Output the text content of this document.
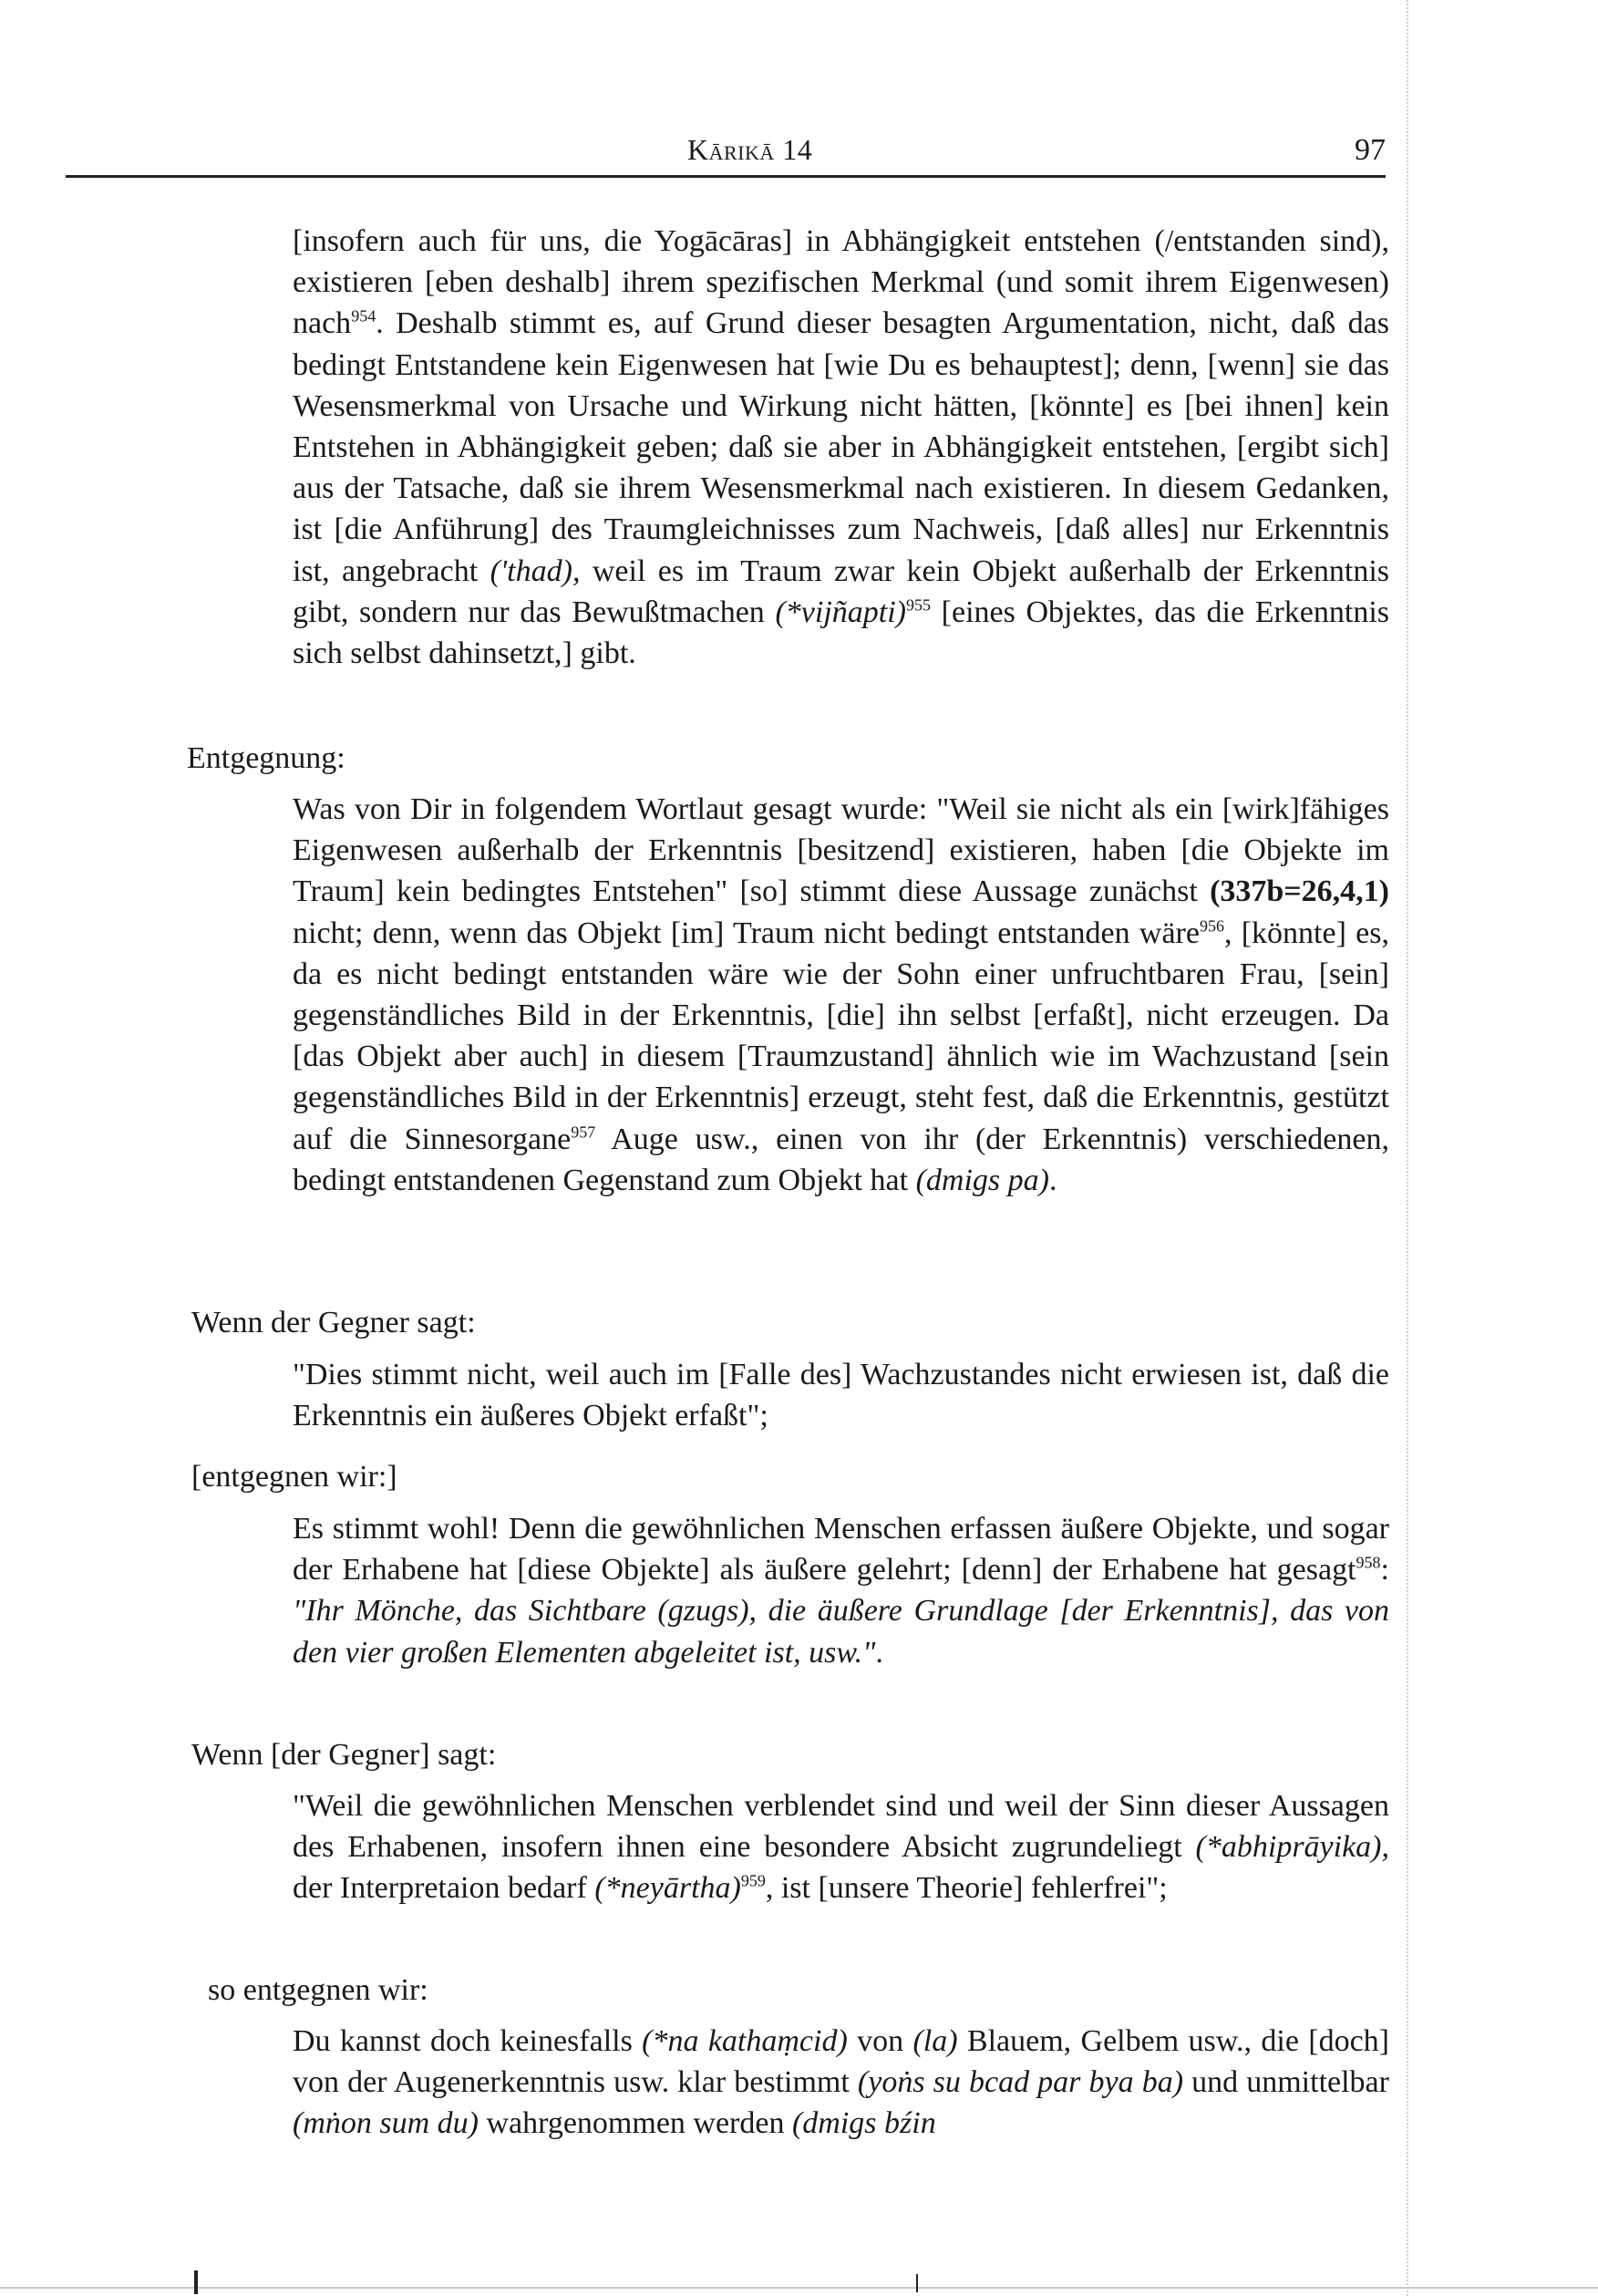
Kārikā 14	97
[insofern auch für uns, die Yogācāras] in Abhängigkeit entstehen (/entstanden sind), existieren [eben deshalb] ihrem spezifischen Merkmal (und somit ihrem Eigenwesen) nach$^{954}$. Deshalb stimmt es, auf Grund dieser besagten Argumentation, nicht, daß das bedingt Entstandene kein Eigenwesen hat [wie Du es behauptest]; denn, [wenn] sie das Wesensmerkmal von Ursache und Wirkung nicht hätten, [könnte] es [bei ihnen] kein Entstehen in Abhängigkeit geben; daß sie aber in Abhängigkeit entstehen, [ergibt sich] aus der Tatsache, daß sie ihrem Wesensmerkmal nach existieren. In diesem Gedanken, ist [die Anführung] des Traumgleichnisses zum Nachweis, [daß alles] nur Erkenntnis ist, angebracht ('thad), weil es im Traum zwar kein Objekt außerhalb der Erkenntnis gibt, sondern nur das Bewußtmachen (*vijñapti)$^{955}$ [eines Objektes, das die Erkenntnis sich selbst dahinsetzt,] gibt.
Entgegnung:
Was von Dir in folgendem Wortlaut gesagt wurde: "Weil sie nicht als ein [wirk]fähiges Eigenwesen außerhalb der Erkenntnis [besitzend] existieren, haben [die Objekte im Traum] kein bedingtes Entstehen" [so] stimmt diese Aussage zunächst (337b=26,4,1) nicht; denn, wenn das Objekt [im] Traum nicht bedingt entstanden wäre$^{956}$, [könnte] es, da es nicht bedingt entstanden wäre wie der Sohn einer unfruchtbaren Frau, [sein] gegenständliches Bild in der Erkenntnis, [die] ihn selbst [erfaßt], nicht erzeugen. Da [das Objekt aber auch] in diesem [Traumzustand] ähnlich wie im Wachzustand [sein gegenständliches Bild in der Erkenntnis] erzeugt, steht fest, daß die Erkenntnis, gestützt auf die Sinnesorgane$^{957}$ Auge usw., einen von ihr (der Erkenntnis) verschiedenen, bedingt entstandenen Gegenstand zum Objekt hat (dmigs pa).
Wenn der Gegner sagt:
"Dies stimmt nicht, weil auch im [Falle des] Wachzustandes nicht erwiesen ist, daß die Erkenntnis ein äußeres Objekt erfaßt";
[entgegnen wir:]
Es stimmt wohl! Denn die gewöhnlichen Menschen erfassen äußere Objekte, und sogar der Erhabene hat [diese Objekte] als äußere gelehrt; [denn] der Erhabene hat gesagt$^{958}$: "Ihr Mönche, das Sichtbare (gzugs), die äußere Grundlage [der Erkenntnis], das von den vier großen Elementen abgeleitet ist, usw.".
Wenn [der Gegner] sagt:
"Weil die gewöhnlichen Menschen verblendet sind und weil der Sinn dieser Aussagen des Erhabenen, insofern ihnen eine besondere Absicht zugrundeliegt (*abhiprāyika), der Interpretaion bedarf (*neyārtha)$^{959}$, ist [unsere Theorie] fehlerfrei";
so entgegnen wir:
Du kannst doch keinesfalls (*na kathaṃcid) von (la) Blauem, Gelbem usw., die [doch] von der Augenerkenntnis usw. klar bestimmt (yoṅs su bcad par bya ba) und unmittelbar (mṅon sum du) wahrgenommen werden (dmigs bźin
